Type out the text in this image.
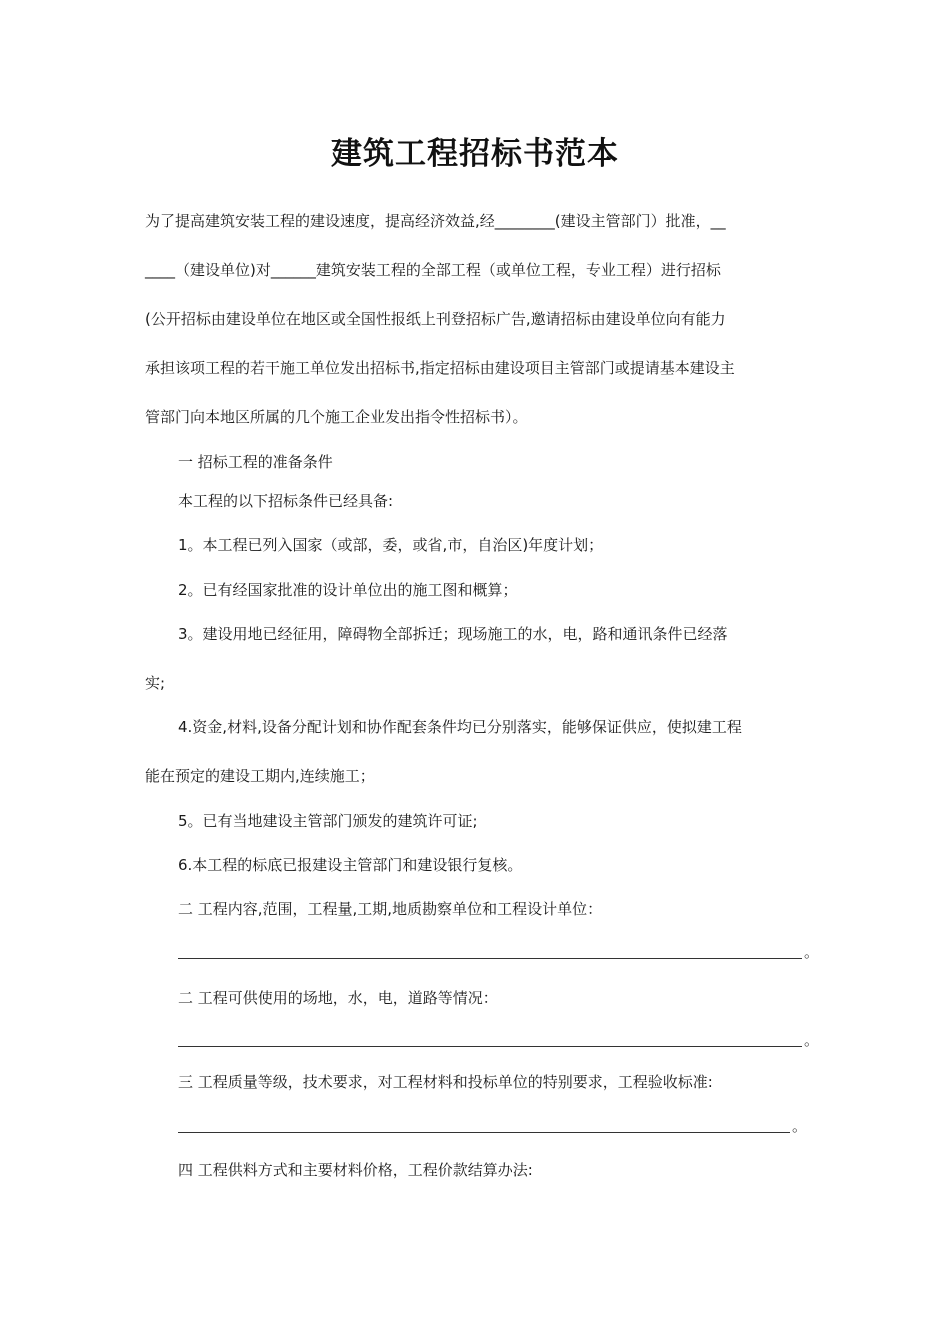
建筑工程招标书范本
为了提高建筑安装工程的建设速度，提高经济效益,经________(建设主管部门）批准，__
____（建设单位)对______建筑安装工程的全部工程（或单位工程，专业工程）进行招标
(公开招标由建设单位在地区或全国性报纸上刊登招标广告,邀请招标由建设单位向有能力
承担该项工程的若干施工单位发出招标书,指定招标由建设项目主管部门或提请基本建设主
管部门向本地区所属的几个施工企业发出指令性招标书）。
一 招标工程的准备条件
本工程的以下招标条件已经具备:
1。本工程已列入国家（或部，委，或省,市，自治区)年度计划；
2。已有经国家批准的设计单位出的施工图和概算；
3。建设用地已经征用，障碍物全部拆迁；现场施工的水，电，路和通讯条件已经落
实;
4.资金,材料,设备分配计划和协作配套条件均已分别落实，能够保证供应，使拟建工程
能在预定的建设工期内,连续施工；
5。已有当地建设主管部门颁发的建筑许可证;
6.本工程的标底已报建设主管部门和建设银行复核。
二 工程内容,范围，工程量,工期,地质勘察单位和工程设计单位：
。
二 工程可供使用的场地，水，电，道路等情况：
。
三 工程质量等级，技术要求，对工程材料和投标单位的特别要求，工程验收标准:
。
四 工程供料方式和主要材料价格，工程价款结算办法:
